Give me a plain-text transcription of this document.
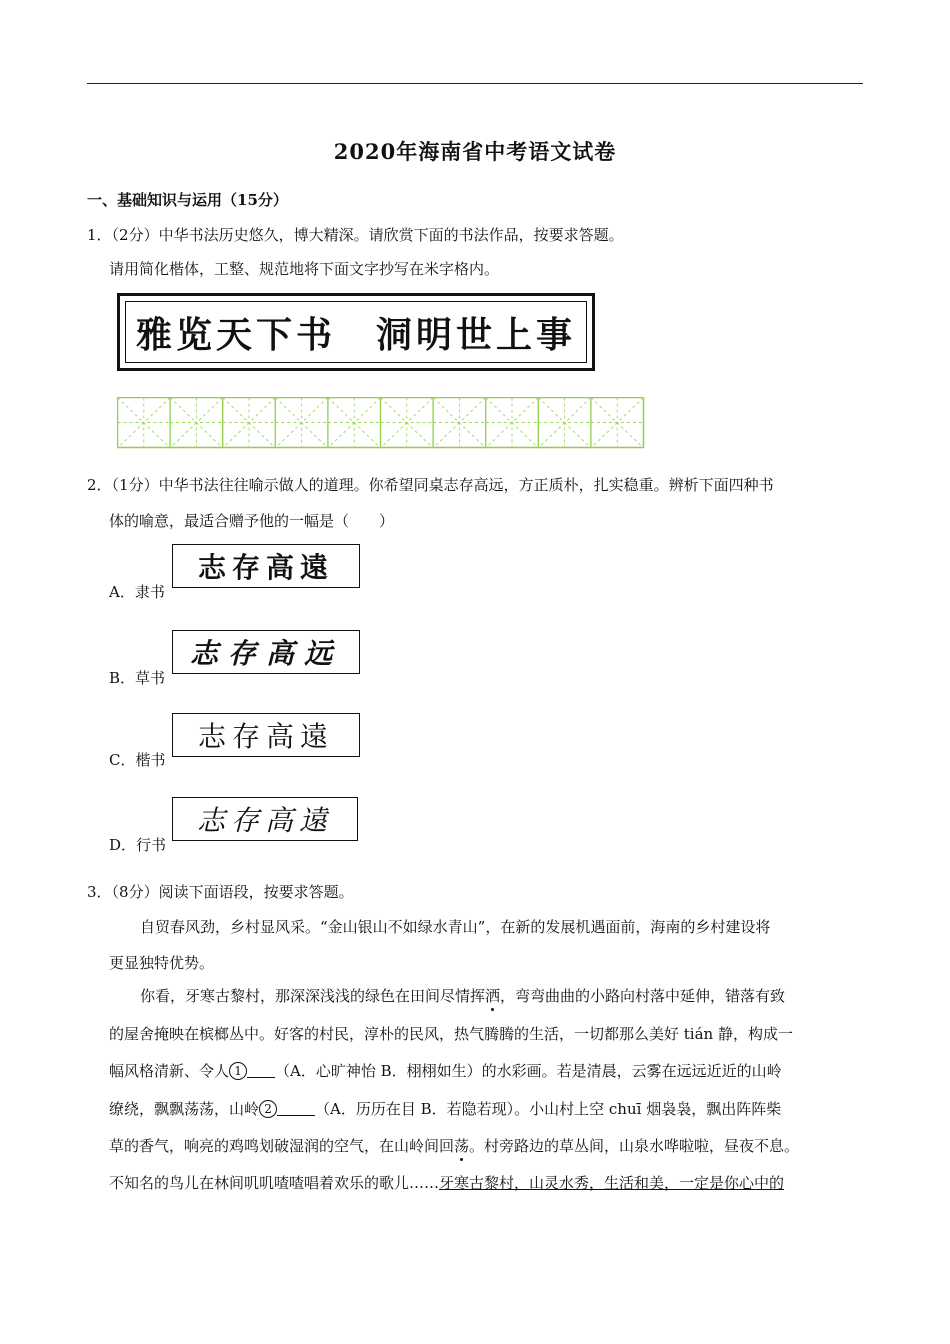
2020年海南省中考语文试卷
一、基础知识与运用（15分）
1．（2分）中华书法历史悠久，博大精深。请欣赏下面的书法作品，按要求答题。
请用简化楷体，工整、规范地将下面文字抄写在米字格内。
雅览天下书　洞明世上事
2．（1分）中华书法往往喻示做人的道理。你希望同桌志存高远，方正质朴，扎实稳重。辨析下面四种书
体的喻意，最适合赠予他的一幅是（　　）
A．隶书
志存高遠
B．草书
志存高远
C．楷书
志存高遠
D．行书
志存高遠
3．（8分）阅读下面语段，按要求答题。
自贸春风劲，乡村显风采。“金山银山不如绿水青山”，在新的发展机遇面前，海南的乡村建设将
更显独特优势。
你看，牙寒古黎村，那深深浅浅的绿色在田间尽情挥洒，弯弯曲曲的小路向村落中延伸，错落有致
的屋舍掩映在槟榔丛中。好客的村民，淳朴的民风，热气腾腾的生活，一切都那么美好 tián 静，构成一
幅风格清新、令人 1 （A．心旷神怡 B．栩栩如生）的水彩画。若是清晨，云雾在远远近近的山岭
缭绕，飘飘荡荡，山岭 2	（A．历历在目 B．若隐若现）。小山村上空 chuī 烟袅袅，飘出阵阵柴
草的香气，响亮的鸡鸣划破湿润的空气，在山岭间回荡。村旁路边的草丛间，山泉水哗啦啦，昼夜不息。
不知名的鸟儿在林间叽叽喳喳唱着欢乐的歌儿……牙寒古黎村，山灵水秀，生活和美，一定是你心中的
